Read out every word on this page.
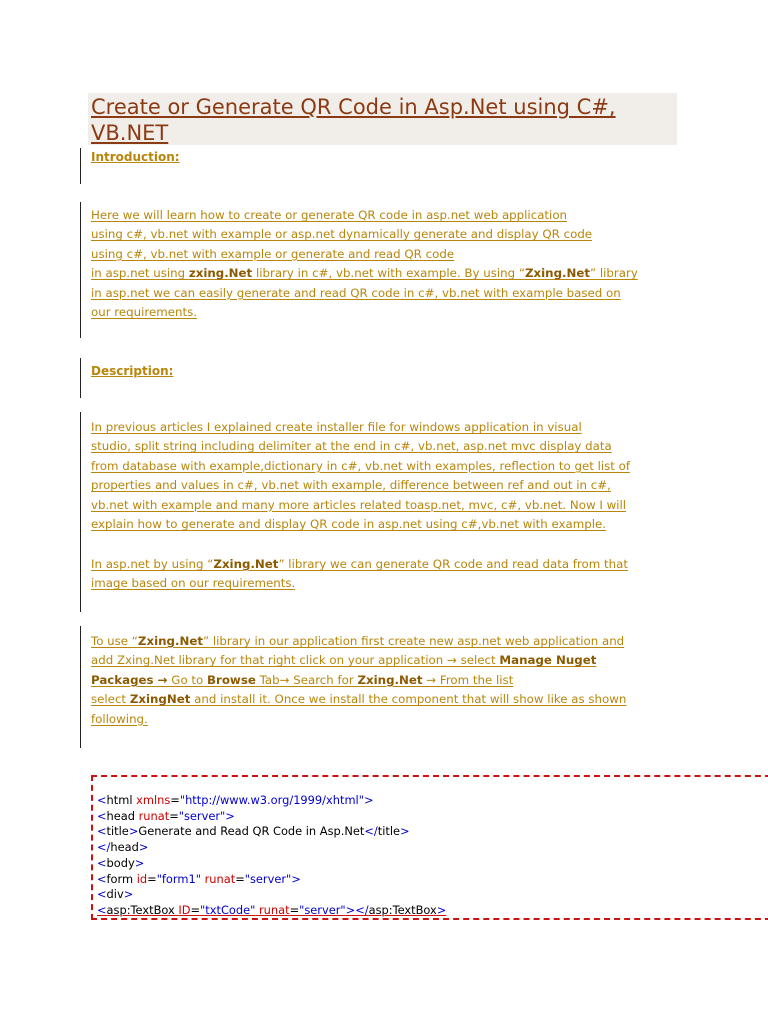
Create or Generate QR Code in Asp.Net using C#, VB.NET

Introduction:

Here we will learn how to create or generate QR code in asp.net web application
using c#, vb.net with example or asp.net dynamically generate and display QR code
using c#, vb.net with example or generate and read QR code
in asp.net using zxing.Net library in c#, vb.net with example. By using “Zxing.Net” library
in asp.net we can easily generate and read QR code in c#, vb.net with example based on
our requirements.

Description:

In previous articles I explained create installer file for windows application in visual
studio, split string including delimiter at the end in c#, vb.net, asp.net mvc display data
from database with example,dictionary in c#, vb.net with examples, reflection to get list of
properties and values in c#, vb.net with example, difference between ref and out in c#,
vb.net with example and many more articles related toasp.net, mvc, c#, vb.net. Now I will
explain how to generate and display QR code in asp.net using c#,vb.net with example.

In asp.net by using “Zxing.Net” library we can generate QR code and read data from that
image based on our requirements.

To use “Zxing.Net” library in our application first create new asp.net web application and
add Zxing.Net library for that right click on your application → select Manage Nuget
Packages → Go to Browse Tab→ Search for Zxing.Net → From the list
select ZxingNet and install it. Once we install the component that will show like as shown
following.

<html xmlns="http://www.w3.org/1999/xhtml">
<head runat="server">
<title>Generate and Read QR Code in Asp.Net</title>
</head>
<body>
<form id="form1" runat="server">
<div>
<asp:TextBox ID="txtCode" runat="server"></asp:TextBox>
